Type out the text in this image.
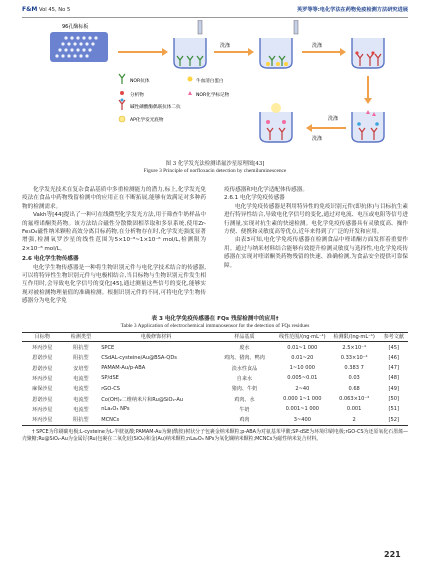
F&M Vol 45, No 5	英罗等等:电化学法在药物免疫检测方法研究进展
96孔酶标板
洗涤	洗涤
洗涤
洗涤
NOR抗体	牛血清白蛋白
分析物	NOR化学标记物
碱性磷酸酶偶联抗体二抗
AP化学发光底物
图 3 化学发光法检测诺氟沙星原理图[43]
Figure 3 Principle of norfloxacin detection by chemiluminescence

化学发光技术在复杂食品基质中多重检测能力的潜力,标上,化学发光免疫法在食品中药物残留检测中的应用正在不断拓展,能够有效满足对多种药物的检测需求。

Vakh等[44]提出了一种可在线微型化学发光方法,用于筛查牛奶样品中的氟喹诺酮类药物。该方法结合磁性分散微固相萃取和多泵系统,使用Zr-Fe₃O₄磁性纳米颗粒高效分离目标药物,在分析物存在时,化学发光强度显著增强,检测氧罗沙星的线性范围为5×10⁻⁸~1×10⁻⁶ mol/L,检测限为2×10⁻⁸ mol/L。

2.6 电化学生物传感器

电化学生物传感器是一种将生物识别元件与电化学技术结合的传感器,可以将特异性生物识别元件与电极相结合,当目标物与生物识别元件发生相互作用时,会导致电化学信号的变化[45],通过测量这些信号的变化,能够实现对被检测物理量值的准确检测。根据识别元件的不同,可将电化学生物传感器分为电化学免

疫传感器和电化学适配体传感器。

2.6.1 电化学免疫传感器

电化学免疫传感器是利用特异性的免疫识别元件(即抗体)与目标抗生素进行特异性结合,导致电化学信号的变化,通过对电流、电压或电阻等信号进行测量,实现对抗生素的快速检测。电化学免疫传感器具有灵敏度高、操作方便、便携和灵敏度高等优点,近年来得到了广泛的开发和应用。

由表3可知,电化学免疫传感器在检测食品中喹诺酮方面发挥着重要作用。通过与纳米材料结合能够有效提升检测灵敏度与选择性,电化学免疫传感器在实现对喹诺酮类药物残留的快速、准确检测,为食品安全提供可靠保障。

表 3 电化学免疫传感器在 FQs 残留检测中的应用†
Table 3 Application of electrochemical immunosensor for the detection of FQs residues
目标物	检测类型	电极修饰材料	样品基质	线性范围/(ng·mL⁻¹)	检测限/(ng·mL⁻¹)	参考文献
环丙沙星	阻抗型	SPCE	废水	0.01~1 000	2.5×10⁻⁴	[45]
恩诺沙星	阻抗型	CSdAL-cysteine/Au@BSA-QDs	鸡肉、猪肉、鸭肉	0.01~20	0.33×10⁻⁴	[46]
恩诺沙星	安培型	PAMAM-Au/p-ABA	淡水性食品	1~10 000	0.383 7	[47]
环丙沙星	电流型	SP/dSE	自来水	0.005~0.01	0.03	[48]
麻保沙星	电流型	rGO-CS	猪肉、牛奶	2~40	0.68	[49]
恩诺沙星	电流型	Co(OH)₂二维纳米片和Ru@SiO₂-Au	鸡肉、水	0.000 1~1 000	0.063×10⁻³	[50]
环丙沙星	电流型	nLa₂O₃ NPs	牛奶	0.001~1 000	0.001	[51]
环丙沙星	阻抗型	MCNCs	鸡肉	3~400	2	[52]
† SPCE为印刷碳电极;L-cysteine为L-半胱氨酸;PAMAM-Au为聚(酰胺)树状分子包裹金纳米颗粒;p-ABA为对氨基苯甲酸;SP-dSE为环境印刷电极;rGO-CS为还原氧化石墨烯—壳聚糖;Ru@SiO₂-Au为金属钌(Ru)包裹在二氧化硅(SiO₂)和金(Au)纳米颗粒;nLa₂O₃ NPs为氧化镧纳米颗粒;MCNCs为磁性纳米复合材料。
221
